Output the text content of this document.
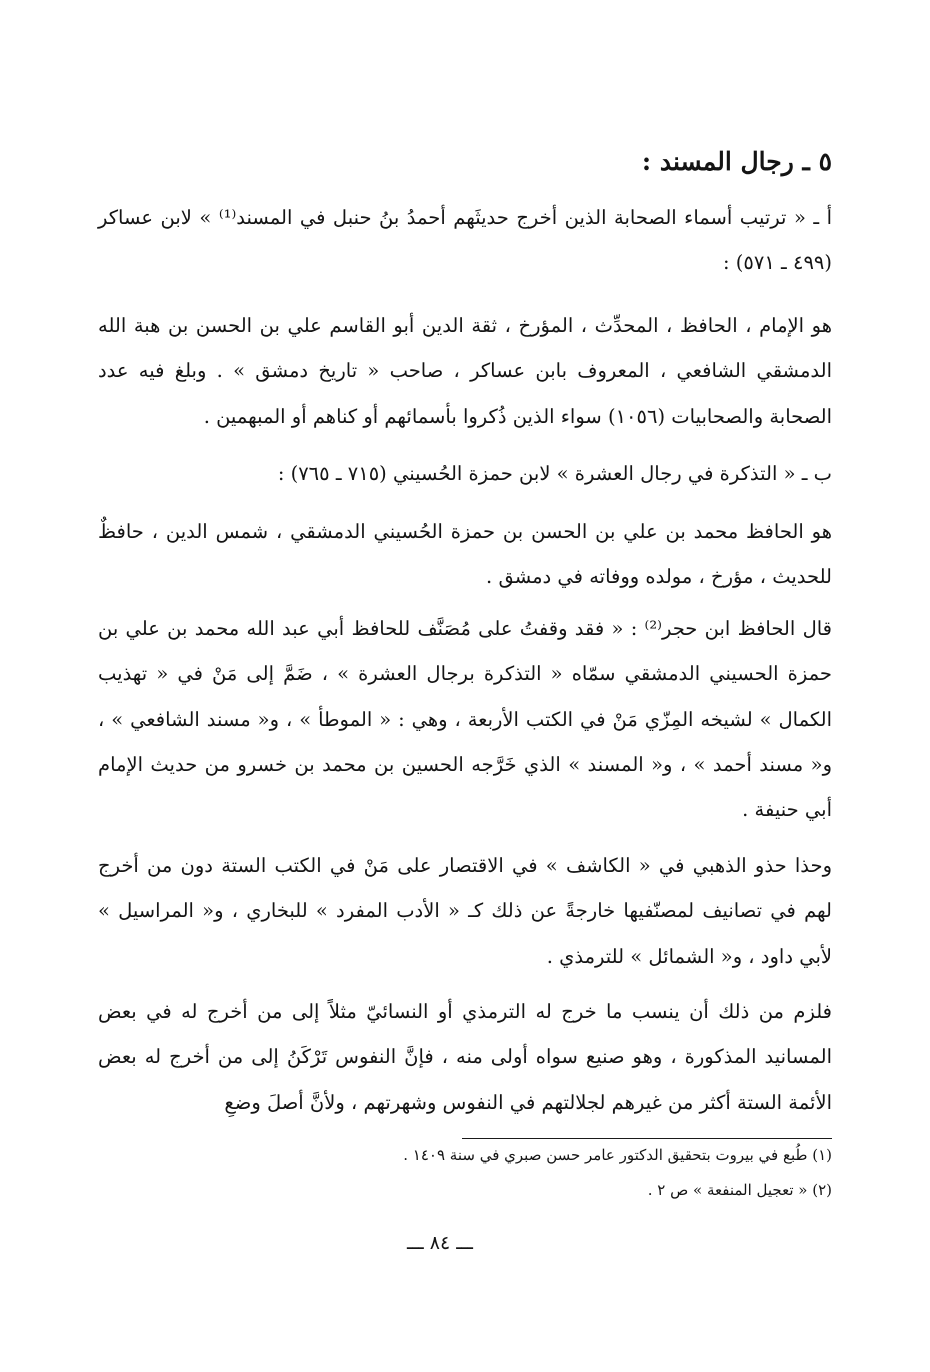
٥ ـ رجال المسند :
أ ـ « ترتيب أسماء الصحابة الذين أخرج حديثَهم أحمدُ بنُ حنبل في المسند⁽¹⁾ » لابن عساكر (٤٩٩ ـ ٥٧١) :
هو الإمام ، الحافظ ، المحدِّث ، المؤرخ ، ثقة الدين أبو القاسم علي بن الحسن بن هبة الله الدمشقي الشافعي ، المعروف بابن عساكر ، صاحب « تاريخ دمشق » . وبلغ فيه عدد الصحابة والصحابيات (١٠٥٦) سواء الذين ذُكروا بأسمائهم أو كناهم أو المبهمين .
ب ـ « التذكرة في رجال العشرة » لابن حمزة الحُسيني (٧١٥ ـ ٧٦٥) :
هو الحافظ محمد بن علي بن الحسن بن حمزة الحُسيني الدمشقي ، شمس الدين ، حافظٌ للحديث ، مؤرخ ، مولده ووفاته في دمشق .
قال الحافظ ابن حجر⁽²⁾ : « فقد وقفتُ على مُصَنَّف للحافظ أبي عبد الله محمد بن علي بن حمزة الحسيني الدمشقي سمّاه « التذكرة برجال العشرة » ، ضَمَّ إلى مَنْ في « تهذيب الكمال » لشيخه المِزّي مَنْ في الكتب الأربعة ، وهي : « الموطأ » ، و« مسند الشافعي » ، و« مسند أحمد » ، و« المسند » الذي خَرَّجه الحسين بن محمد بن خسرو من حديث الإمام أبي حنيفة .
وحذا حذو الذهبي في « الكاشف » في الاقتصار على مَنْ في الكتب الستة دون من أخرج لهم في تصانيف لمصنّفيها خارجةً عن ذلك كـ « الأدب المفرد » للبخاري ، و« المراسيل » لأبي داود ، و« الشمائل » للترمذي .
فلزم من ذلك أن ينسب ما خرج له الترمذي أو النسائيّ مثلاً إلى من أخرج له في بعض المسانيد المذكورة ، وهو صنيع سواه أولى منه ، فإنَّ النفوس تَرْكَنُ إلى من أخرج له بعض الأئمة الستة أكثر من غيرهم لجلالتهم في النفوس وشهرتهم ، ولأنَّ أصلَ وضعِ
(١) طُبع في بيروت بتحقيق الدكتور عامر حسن صبري في سنة ١٤٠٩ .
(٢) « تعجيل المنفعة » ص ٢ .
ـــ ٨٤ ـــ
